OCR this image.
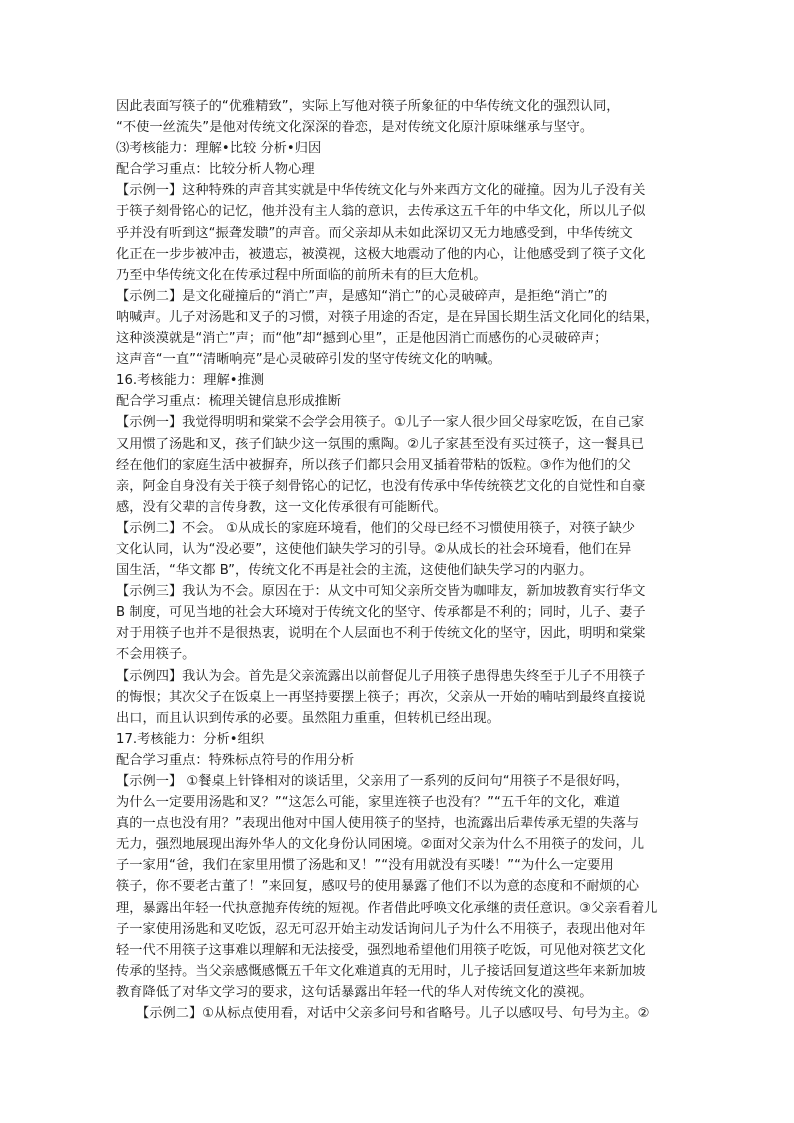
因此表面写筷子的“优雅精致”，实际上写他对筷子所象征的中华传统文化的强烈认同，
“不使一丝流失”是他对传统文化深深的眷恋，是对传统文化原汁原味继承与坚守。
⑶考核能力：理解•比较 分析•归因
配合学习重点：比较分析人物心理
【示例一】这种特殊的声音其实就是中华传统文化与外来西方文化的碰撞。因为儿子没有关
于筷子刻骨铭心的记忆，他并没有主人翁的意识，去传承这五千年的中华文化，所以儿子似
乎并没有听到这“振聋发聩”的声音。而父亲却从未如此深切又无力地感受到，中华传统文
化正在一步步被冲击，被遗忘，被漠视，这极大地震动了他的内心，让他感受到了筷子文化
乃至中华传统文化在传承过程中所面临的前所未有的巨大危机。
【示例二】是文化碰撞后的“消亡”声，是感知“消亡”的心灵破碎声，是拒绝“消亡”的
呐喊声。儿子对汤匙和叉子的习惯，对筷子用途的否定，是在异国长期生活文化同化的结果，
这种淡漠就是“消亡”声；而“他”却“撼到心里”，正是他因消亡而感伤的心灵破碎声；
这声音“一直”“清晰响亮”是心灵破碎引发的坚守传统文化的呐喊。
16.考核能力：理解•推测
配合学习重点：梳理关键信息形成推断
【示例一】我觉得明明和棠棠不会学会用筷子。①儿子一家人很少回父母家吃饭，在自己家
又用惯了汤匙和叉，孩子们缺少这一氛围的熏陶。②儿子家甚至没有买过筷子，这一餐具已
经在他们的家庭生活中被摒弃，所以孩子们都只会用叉插着带粘的饭粒。③作为他们的父
亲，阿金自身没有关于筷子刻骨铭心的记忆，也没有传承中华传统筷艺文化的自觉性和自豪
感，没有父辈的言传身教，这一文化传承很有可能断代。
【示例二】不会。 ①从成长的家庭环境看，他们的父母已经不习惯使用筷子，对筷子缺少
文化认同，认为“没必要”，这使他们缺失学习的引导。②从成长的社会环境看，他们在异
国生活，“华文都 B”，传统文化不再是社会的主流，这使他们缺失学习的内驱力。
【示例三】我认为不会。原因在于：从文中可知父亲所交皆为咖啡友，新加坡教育实行华文
B 制度，可见当地的社会大环境对于传统文化的坚守、传承都是不利的；同时，儿子、妻子
对于用筷子也并不是很热衷，说明在个人层面也不利于传统文化的坚守，因此，明明和棠棠
不会用筷子。
【示例四】我认为会。首先是父亲流露出以前督促儿子用筷子患得患失终至于儿子不用筷子
的悔恨；其次父子在饭桌上一再坚持要摆上筷子；再次，父亲从一开始的喃咕到最终直接说
出口，而且认识到传承的必要。虽然阻力重重，但转机已经出现。
17.考核能力：分析•组织
配合学习重点：特殊标点符号的作用分析
【示例一】 ①餐桌上针锋相对的谈话里，父亲用了一系列的反问句“用筷子不是很好吗，
为什么一定要用汤匙和叉？”“这怎么可能，家里连筷子也没有？”“五千年的文化，难道
真的一点也没有用？”表现出他对中国人使用筷子的坚持，也流露出后辈传承无望的失落与
无力，强烈地展现出海外华人的文化身份认同困境。②面对父亲为什么不用筷子的发问，儿
子一家用“爸，我们在家里用惯了汤匙和叉！”“没有用就没有买喽！”“为什么一定要用
筷子，你不要老古董了！”来回复，感叹号的使用暴露了他们不以为意的态度和不耐烦的心
理，暴露出年轻一代执意抛弃传统的短视。作者借此呼唤文化承继的责任意识。③父亲看着儿
子一家使用汤匙和叉吃饭，忍无可忍开始主动发话询问儿子为什么不用筷子，表现出他对年
轻一代不用筷子这事难以理解和无法接受，强烈地希望他们用筷子吃饭，可见他对筷艺文化
传承的坚持。当父亲感慨感慨五千年文化难道真的无用时，儿子接话回复道这些年来新加坡
教育降低了对华文学习的要求，这句话暴露出年轻一代的华人对传统文化的漠视。
【示例二】①从标点使用看，对话中父亲多问号和省略号。儿子以感叹号、句号为主。②
